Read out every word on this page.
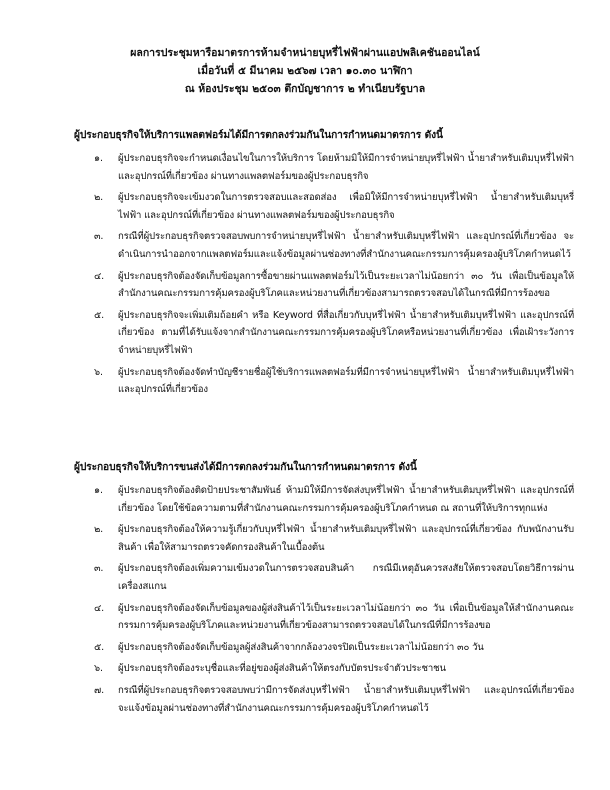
ผลการประชุมหารือมาตรการห้ามจำหน่ายบุหรี่ไฟฟ้าผ่านแอปพลิเคชันออนไลน์
เมื่อวันที่ ๕ มีนาคม ๒๕๖๗ เวลา ๑๐.๓๐ นาฬิกา
ณ ห้องประชุม ๒๕๐๓ ตึกบัญชาการ ๒ ทำเนียบรัฐบาล
ผู้ประกอบธุรกิจให้บริการแพลตฟอร์มได้มีการตกลงร่วมกันในการกำหนดมาตรการ ดังนี้
๑.	ผู้ประกอบธุรกิจจะกำหนดเงื่อนไขในการให้บริการ โดยห้ามมิให้มีการจำหน่ายบุหรี่ไฟฟ้า น้ำยาสำหรับเติมบุหรี่ไฟฟ้า และอุปกรณ์ที่เกี่ยวข้อง ผ่านทางแพลตฟอร์มของผู้ประกอบธุรกิจ
๒.	ผู้ประกอบธุรกิจจะเข้มงวดในการตรวจสอบและสอดส่อง เพื่อมิให้มีการจำหน่ายบุหรี่ไฟฟ้า น้ำยาสำหรับเติมบุหรี่ไฟฟ้า และอุปกรณ์ที่เกี่ยวข้อง ผ่านทางแพลตฟอร์มของผู้ประกอบธุรกิจ
๓.	กรณีที่ผู้ประกอบธุรกิจตรวจสอบพบการจำหน่ายบุหรี่ไฟฟ้า น้ำยาสำหรับเติมบุหรี่ไฟฟ้า และอุปกรณ์ที่เกี่ยวข้อง จะดำเนินการนำออกจากแพลตฟอร์มและแจ้งข้อมูลผ่านช่องทางที่สำนักงานคณะกรรมการคุ้มครองผู้บริโภคกำหนดไว้
๔.	ผู้ประกอบธุรกิจต้องจัดเก็บข้อมูลการซื้อขายผ่านแพลตฟอร์มไว้เป็นระยะเวลาไม่น้อยกว่า ๓๐ วัน เพื่อเป็นข้อมูลให้สำนักงานคณะกรรมการคุ้มครองผู้บริโภคและหน่วยงานที่เกี่ยวข้องสามารถตรวจสอบได้ในกรณีที่มีการร้องขอ
๕.	ผู้ประกอบธุรกิจจะเพิ่มเติมถ้อยคำ หรือ Keyword ที่สื่อเกี่ยวกับบุหรี่ไฟฟ้า น้ำยาสำหรับเติมบุหรี่ไฟฟ้า และอุปกรณ์ที่เกี่ยวข้อง ตามที่ได้รับแจ้งจากสำนักงานคณะกรรมการคุ้มครองผู้บริโภคหรือหน่วยงานที่เกี่ยวข้อง เพื่อเฝ้าระวังการจำหน่ายบุหรี่ไฟฟ้า
๖.	ผู้ประกอบธุรกิจต้องจัดทำบัญชีรายชื่อผู้ใช้บริการแพลตฟอร์มที่มีการจำหน่ายบุหรี่ไฟฟ้า น้ำยาสำหรับเติมบุหรี่ไฟฟ้า และอุปกรณ์ที่เกี่ยวข้อง
ผู้ประกอบธุรกิจให้บริการขนส่งได้มีการตกลงร่วมกันในการกำหนดมาตรการ ดังนี้
๑.	ผู้ประกอบธุรกิจต้องติดป้ายประชาสัมพันธ์ ห้ามมิให้มีการจัดส่งบุหรี่ไฟฟ้า น้ำยาสำหรับเติมบุหรี่ไฟฟ้า และอุปกรณ์ที่เกี่ยวข้อง โดยใช้ข้อความตามที่สำนักงานคณะกรรมการคุ้มครองผู้บริโภคกำหนด ณ สถานที่ให้บริการทุกแห่ง
๒.	ผู้ประกอบธุรกิจต้องให้ความรู้เกี่ยวกับบุหรี่ไฟฟ้า น้ำยาสำหรับเติมบุหรี่ไฟฟ้า และอุปกรณ์ที่เกี่ยวข้อง กับพนักงานรับสินค้า เพื่อให้สามารถตรวจคัดกรองสินค้าในเบื้องต้น
๓.	ผู้ประกอบธุรกิจต้องเพิ่มความเข้มงวดในการตรวจสอบสินค้า กรณีมีเหตุอันควรสงสัยให้ตรวจสอบโดยวิธีการผ่านเครื่องสแกน
๔.	ผู้ประกอบธุรกิจต้องจัดเก็บข้อมูลของผู้ส่งสินค้าไว้เป็นระยะเวลาไม่น้อยกว่า ๓๐ วัน เพื่อเป็นข้อมูลให้สำนักงานคณะกรรมการคุ้มครองผู้บริโภคและหน่วยงานที่เกี่ยวข้องสามารถตรวจสอบได้ในกรณีที่มีการร้องขอ
๕.	ผู้ประกอบธุรกิจต้องจัดเก็บข้อมูลผู้ส่งสินค้าจากกล้องวงจรปิดเป็นระยะเวลาไม่น้อยกว่า ๓๐ วัน
๖.	ผู้ประกอบธุรกิจต้องระบุชื่อและที่อยู่ของผู้ส่งสินค้าให้ตรงกับบัตรประจำตัวประชาชน
๗.	กรณีที่ผู้ประกอบธุรกิจตรวจสอบพบว่ามีการจัดส่งบุหรี่ไฟฟ้า น้ำยาสำหรับเติมบุหรี่ไฟฟ้า และอุปกรณ์ที่เกี่ยวข้อง จะแจ้งข้อมูลผ่านช่องทางที่สำนักงานคณะกรรมการคุ้มครองผู้บริโภคกำหนดไว้
